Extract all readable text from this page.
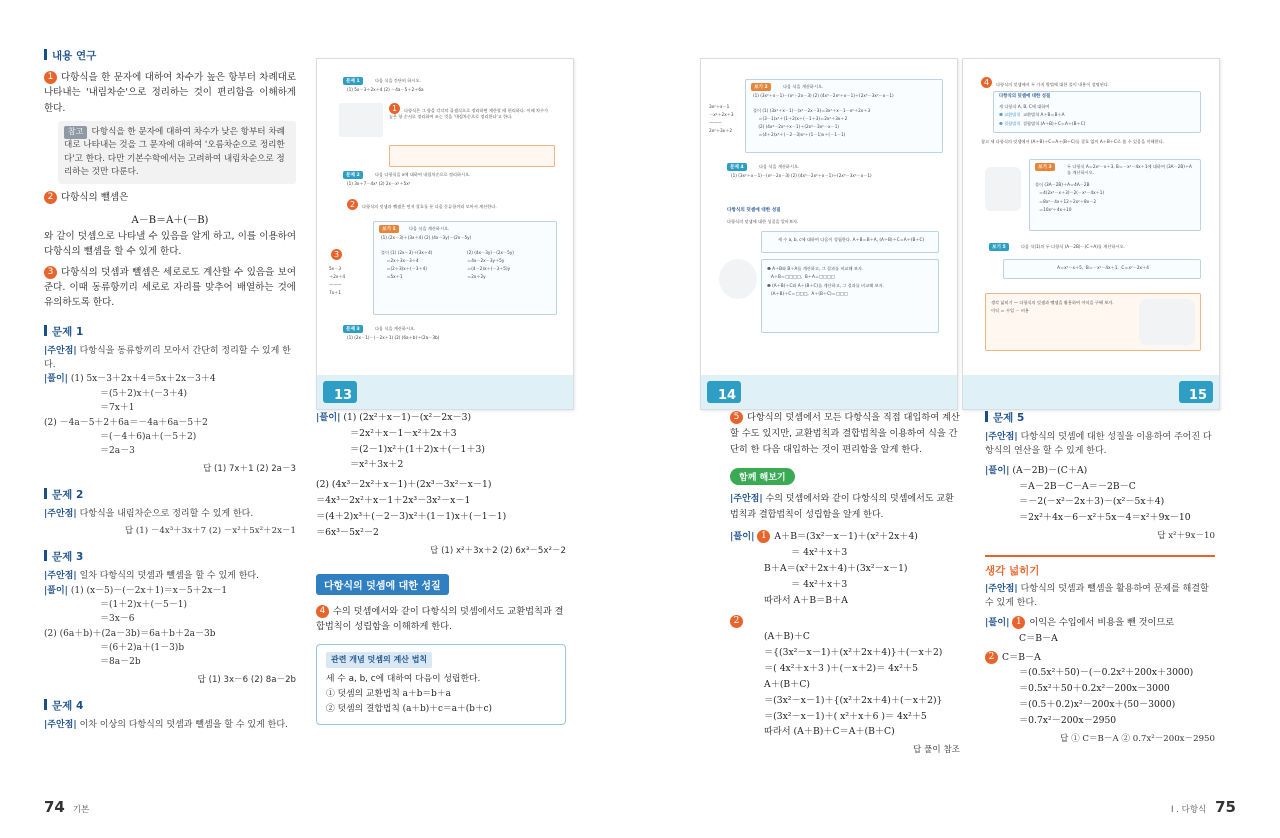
내용 연구
1 다항식을 한 문자에 대하여 차수가 높은 항부터 차례대로 나타내는 '내림차순'으로 정리하는 것이 편리함을 이해하게 한다.
참고 다항식을 한 문자에 대하여 차수가 낮은 항부터 차례대로 나타내는 것을 그 문자에 대하여 '오름차순으로 정리한다'고 한다. 다만 기본수학에서는 고려하여 내림차순으로 정리하는 것만 다룬다.
2 다항식의 뺄셈은
A－B＝A＋(－B)
와 같이 덧셈으로 나타낼 수 있음을 알게 하고, 이를 이용하여 다항식의 뺄셈을 할 수 있게 한다.
3 다항식의 덧셈과 뺄셈은 세로로도 계산할 수 있음을 보여 준다. 이때 동류항끼리 세로로 자리를 맞추어 배열하는 것에 유의하도록 한다.
문제 1
|주안점| 다항식을 동류항끼리 모아서 간단히 정리할 수 있게 한다.
|풀이| (1) 5x－3＋2x＋4＝5x＋2x－3＋4
＝(5＋2)x＋(－3＋4)
＝7x＋1
(2) －4a－5＋2＋6a＝－4a＋6a－5＋2
＝(－4＋6)a＋(－5＋2)
＝2a－3
답 (1) 7x＋1 (2) 2a－3
문제 2
|주안점| 다항식을 내림차순으로 정리할 수 있게 한다.
답 (1) －4x³＋3x＋7 (2) －x²＋5x²＋2x－1
문제 3
|주안점| 일차 다항식의 덧셈과 뺄셈을 할 수 있게 한다.
|풀이| (1) (x－5)－(－2x＋1)＝x－5＋2x－1
＝(1＋2)x＋(－5－1)
＝3x－6
(2) (6a＋b)＋(2a－3b)＝6a＋b＋2a－3b
＝(6＋2)a＋(1－3)b
＝8a－2b
답 (1) 3x－6 (2) 8a－2b
문제 4
|주안점| 이차 이상의 다항식의 덧셈과 뺄셈을 할 수 있게 한다.
74 기본
13
문제 1	다음 식을 간단히 하시오.
(1) 5x－3＋2x＋4 (2) －4a－5＋2＋6a
1 다항식은 그 항을 각각의 곱셈식으로 정리하면 계산할 때 편리하다. 이때 차수가 높은 항 순서로 정리하여 쓰는 것을 '내림차순으로 정리한다'고 한다.
문제 2	다음 다항식을 x에 대하여 내림차순으로 정리하시오.
(1) 3x＋7－4x³ (2) 2x－x²＋5x²
2 다항식의 덧셈과 뺄셈은 먼저 괄호를 푼 다음 동류항끼리 모아서 계산한다.
보기 1	다음 식을 계산하시오.
(1) (2x－3)＋(3x＋4) (2) (4x－3y)－(2x－5y)
풀이 (1) (2x－3)＋(3x＋4)
＝2x＋3x－3＋4
＝(2＋3)x＋(－3＋4)
＝5x＋1
(2) (4x－3y)－(2x－5y)
＝4x－2x－3y＋5y
＝(4－2)x＋(－3＋5)y
＝2x＋2y
3
5x－3
＋2x＋4
———
7x＋1
문제 3	다음 식을 계산하시오.
(1) (2x－1)－(－2x＋1) (2) (6a＋b)＋(2a－3b)
14
보기 2	다음 식을 계산하시오.
(1) (3x²＋x－1)－(x²－2x－3) (2) (4x³－2x²＋x－1)＋(2x³－3x²－x－1)
풀이 (1) (3x²＋x－1)－(x²－2x－3)＝3x²＋x－1－x²＋2x＋3
＝(3－1)x²＋(1＋2)x＋(－1＋3)＝2x²＋3x＋2
(2) (4x³－2x²＋x－1)＋(2x³－3x²－x－1)
＝(4＋2)x³＋(－2－3)x²＋(1－1)x＋(－1－1)
3x²＋x－1
－x²＋2x＋3
———
2x²＋3x＋2
문제 4	다음 식을 계산하시오.
(1) (3x²＋x－1)－(x²－2x－3) (2) (4x³－2x²＋x－1)＋(2x³－3x²－x－1)
다항식의 덧셈에 대한 성질
다항식의 덧셈에 대한 성질을 알아보자.
세 수 a, b, c에 대하여 다음이 성립한다. A＋B＝B＋A, (A＋B)＋C＝A＋(B＋C)
❶ A＋B와 B＋A를 계산하고, 그 결과를 비교해 보자.
A＋B＝□□□□,  B＋A＝□□□□
❷ (A＋B)＋C와 A＋(B＋C)를 계산하고, 그 결과를 비교해 보자.
(A＋B)＋C＝□□□,  A＋(B＋C)＝□□□
15
4 다항식의 덧셈에서 두 가지 방법에 대한 풀이 내용이 설명된다.
다항식의 덧셈에 대한 성질
세 다항식 A, B, C에 대하여
❶ 교환법칙 교환법칙 A＋B＝B＋A
❷ 결합법칙 결합법칙 (A＋B)＋C＝A＋(B＋C)
참고 세 다항식의 덧셈에서 (A＋B)＋C＝A＋(B＋C)를 괄호 없이 A＋B＋C로 쓸 수 있음을 이해한다.
보기 3	두 다항식 A＝2x²－x＋3, B＝－x²－4x＋1에 대하여 (3A－2B)＋A를 계산하시오.
풀이 (3A－2B)＋A＝4A－2B
＝4(2x²－x＋3)－2(－x²－4x＋1)
＝8x²－4x＋12＋2x²＋8x－2
＝10x²＋4x＋10
보기 5	다음 식(1)의 두 다항식 (A－2B)－(C＋A)를 계산하시오.
A＝x²－x＋5,  B＝－x²－4x＋1,  C＝x²－2x＋4
생각 넓히기 — 다항식의 덧셈과 뺄셈을 활용하여 이익을 구해 보자.
이익 ＝ 수입 － 비용
|풀이| (1) (2x²＋x－1)－(x²－2x－3)
＝2x²＋x－1－x²＋2x＋3
＝(2－1)x²＋(1＋2)x＋(－1＋3)
＝x²＋3x＋2
(2) (4x³－2x²＋x－1)＋(2x³－3x²－x－1)
＝4x³－2x²＋x－1＋2x³－3x²－x－1
＝(4＋2)x³＋(－2－3)x²＋(1－1)x＋(－1－1)
＝6x³－5x²－2
답 (1) x²＋3x＋2 (2) 6x³－5x²－2
다항식의 덧셈에 대한 성질
4 수의 덧셈에서와 같이 다항식의 덧셈에서도 교환법칙과 결합법칙이 성립함을 이해하게 한다.
관련 개념 덧셈의 계산 법칙
세 수 a, b, c에 대하여 다음이 성립한다.
① 덧셈의 교환법칙 a＋b＝b＋a
② 덧셈의 결합법칙 (a＋b)＋c＝a＋(b＋c)
5 다항식의 덧셈에서 모든 다항식을 직접 대입하여 계산할 수도 있지만, 교환법칙과 결합법칙을 이용하여 식을 간단히 한 다음 대입하는 것이 편리함을 알게 한다.
함께 해보기
|주안점| 수의 덧셈에서와 같이 다항식의 덧셈에서도 교환법칙과 결합법칙이 성립함을 알게 한다.
|풀이| 1 A＋B＝(3x²－x－1)＋(x²＋2x＋4)
＝ 4x²＋x＋3
B＋A＝(x²＋2x＋4)＋(3x²－x－1)
＝ 4x²＋x＋3
따라서 A＋B＝B＋A
2
(A＋B)＋C
＝{(3x²－x－1)＋(x²＋2x＋4)}＋(－x＋2)
＝( 4x²＋x＋3 )＋(－x＋2)＝ 4x²＋5
A＋(B＋C)
＝(3x²－x－1)＋{(x²＋2x＋4)＋(－x＋2)}
＝(3x²－x－1)＋( x²＋x＋6 )＝ 4x²＋5
따라서 (A＋B)＋C＝A＋(B＋C)
답 풀이 참조
문제 5
|주안점| 다항식의 덧셈에 대한 성질을 이용하여 주어진 다항식의 연산을 할 수 있게 한다.
|풀이| (A－2B)－(C＋A)
＝A－2B－C－A＝－2B－C
＝－2(－x²－2x＋3)－(x²－5x＋4)
＝2x²＋4x－6－x²＋5x－4＝x²＋9x－10
답 x²＋9x－10
생각 넓히기
|주안점| 다항식의 덧셈과 뺄셈을 활용하여 문제를 해결할 수 있게 한다.
|풀이| 1 이익은 수입에서 비용을 뺀 것이므로
C＝B－A
2 C＝B－A
＝(0.5x²＋50)－(－0.2x²＋200x＋3000)
＝0.5x²＋50＋0.2x²－200x－3000
＝(0.5＋0.2)x²－200x＋(50－3000)
＝0.7x²－200x－2950
답 ① C＝B－A ② 0.7x²－200x－2950
I . 다항식 75
